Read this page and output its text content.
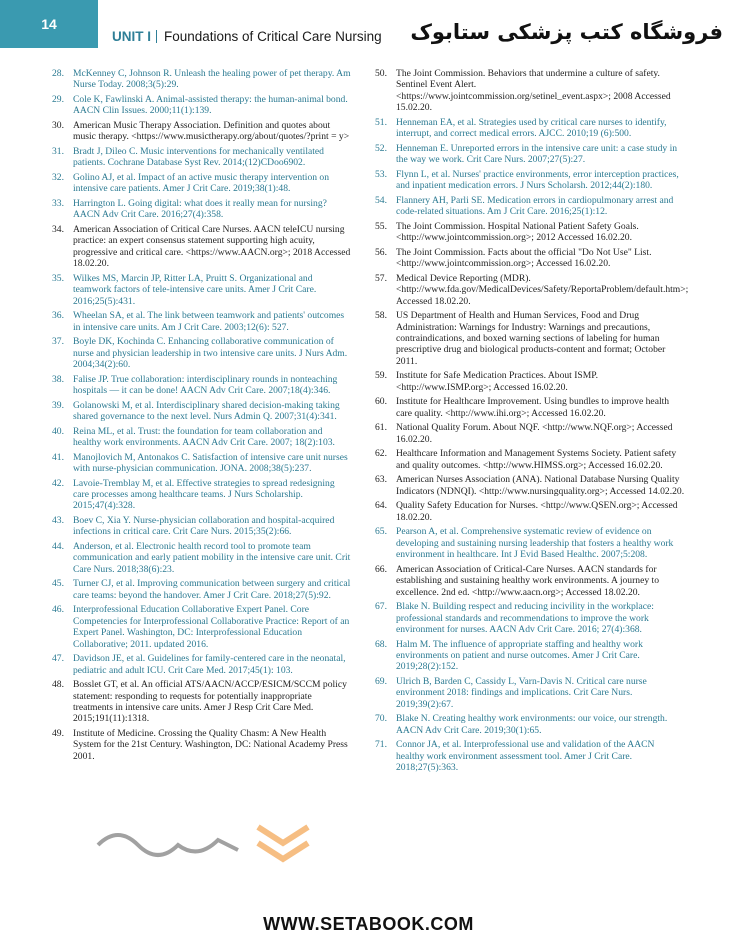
14
UNIT I Foundations of Critical Care Nursing فروشگاه کتب پزشکی ستابوک
28. McKenney C, Johnson R. Unleash the healing power of pet therapy. Am Nurse Today. 2008;3(5):29.
29. Cole K, Fawlinski A. Animal-assisted therapy: the human-animal bond. AACN Clin Issues. 2000;11(1):139.
30. American Music Therapy Association. Definition and quotes about music therapy. <https://www.musictherapy.org/about/quotes/?print = y>
31. Bradt J, Dileo C. Music interventions for mechanically ventilated patients. Cochrane Database Syst Rev. 2014;(12)CDoo6902.
32. Golino AJ, et al. Impact of an active music therapy intervention on intensive care patients. Amer J Crit Care. 2019;38(1):48.
33. Harrington L. Going digital: what does it really mean for nursing? AACN Adv Crit Care. 2016;27(4):358.
34. American Association of Critical Care Nurses. AACN teleICU nursing practice: an expert consensus statement supporting high acuity, progressive and critical care. <https://www.AACN.org>; 2018 Accessed 18.02.20.
35. Wilkes MS, Marcin JP, Ritter LA, Pruitt S. Organizational and teamwork factors of tele-intensive care units. Amer J Crit Care. 2016;25(5):431.
36. Wheelan SA, et al. The link between teamwork and patients' outcomes in intensive care units. Am J Crit Care. 2003;12(6): 527.
37. Boyle DK, Kochinda C. Enhancing collaborative communication of nurse and physician leadership in two intensive care units. J Nurs Adm. 2004;34(2):60.
38. Falise JP. True collaboration: interdisciplinary rounds in nonteaching hospitals — it can be done! AACN Adv Crit Care. 2007;18(4):346.
39. Golanowski M, et al. Interdisciplinary shared decision-making taking shared governance to the next level. Nurs Admin Q. 2007;31(4):341.
40. Reina ML, et al. Trust: the foundation for team collaboration and healthy work environments. AACN Adv Crit Care. 2007; 18(2):103.
41. Manojlovich M, Antonakos C. Satisfaction of intensive care unit nurses with nurse-physician communication. JONA. 2008;38(5):237.
42. Lavoie-Tremblay M, et al. Effective strategies to spread redesigning care processes among healthcare teams. J Nurs Scholarship. 2015;47(4):328.
43. Boev C, Xia Y. Nurse-physician collaboration and hospital-acquired infections in critical care. Crit Care Nurs. 2015;35(2):66.
44. Anderson, et al. Electronic health record tool to promote team communication and early patient mobility in the intensive care unit. Crit Care Nurs. 2018;38(6):23.
45. Turner CJ, et al. Improving communication between surgery and critical care teams: beyond the handover. Amer J Crit Care. 2018;27(5):92.
46. Interprofessional Education Collaborative Expert Panel. Core Competencies for Interprofessional Collaborative Practice: Report of an Expert Panel. Washington, DC: Interprofessional Education Collaborative; 2011. updated 2016.
47. Davidson JE, et al. Guidelines for family-centered care in the neonatal, pediatric and adult ICU. Crit Care Med. 2017;45(1): 103.
48. Bosslet GT, et al. An official ATS/AACN/ACCP/ESICM/SCCM policy statement: responding to requests for potentially inappropriate treatments in intensive care units. Amer J Resp Crit Care Med. 2015;191(11):1318.
49. Institute of Medicine. Crossing the Quality Chasm: A New Health System for the 21st Century. Washington, DC: National Academy Press 2001.
50. The Joint Commission. Behaviors that undermine a culture of safety. Sentinel Event Alert. <https://www.jointcommission.org/setinel_event.aspx>; 2008 Accessed 15.02.20.
51. Henneman EA, et al. Strategies used by critical care nurses to identify, interrupt, and correct medical errors. AJCC. 2010;19 (6):500.
52. Henneman E. Unreported errors in the intensive care unit: a case study in the way we work. Crit Care Nurs. 2007;27(5):27.
53. Flynn L, et al. Nurses' practice environments, error interception practices, and inpatient medication errors. J Nurs Scholarsh. 2012;44(2):180.
54. Flannery AH, Parli SE. Medication errors in cardiopulmonary arrest and code-related situations. Am J Crit Care. 2016;25(1):12.
55. The Joint Commission. Hospital National Patient Safety Goals. <http://www.jointcommission.org>; 2012 Accessed 16.02.20.
56. The Joint Commission. Facts about the official "Do Not Use" List. <http://www.jointcommission.org>; Accessed 16.02.20.
57. Medical Device Reporting (MDR). <http://www.fda.gov/MedicalDevices/Safety/ReportaProblem/default.htm>; Accessed 18.02.20.
58. US Department of Health and Human Services, Food and Drug Administration: Warnings for Industry: Warnings and precautions, contraindications, and boxed warning sections of labeling for human prescriptive drug and biological products-content and format; October 2011.
59. Institute for Safe Medication Practices. About ISMP. <http://www.ISMP.org>; Accessed 16.02.20.
60. Institute for Healthcare Improvement. Using bundles to improve health care quality. <http://www.ihi.org>; Accessed 16.02.20.
61. National Quality Forum. About NQF. <http://www.NQF.org>; Accessed 16.02.20.
62. Healthcare Information and Management Systems Society. Patient safety and quality outcomes. <http://www.HIMSS.org>; Accessed 16.02.20.
63. American Nurses Association (ANA). National Database Nursing Quality Indicators (NDNQI). <http://www.nursingquality.org>; Accessed 14.02.20.
64. Quality Safety Education for Nurses. <http://www.QSEN.org>; Accessed 18.02.20.
65. Pearson A, et al. Comprehensive systematic review of evidence on developing and sustaining nursing leadership that fosters a healthy work environment in healthcare. Int J Evid Based Healthc. 2007;5:208.
66. American Association of Critical-Care Nurses. AACN standards for establishing and sustaining healthy work environments. A journey to excellence. 2nd ed. <http://www.aacn.org>; Accessed 18.02.20.
67. Blake N. Building respect and reducing incivility in the workplace: professional standards and recommendations to improve the work environment for nurses. AACN Adv Crit Care. 2016; 27(4):368.
68. Halm M. The influence of appropriate staffing and healthy work environments on patient and nurse outcomes. Amer J Crit Care. 2019;28(2):152.
69. Ulrich B, Barden C, Cassidy L, Varn-Davis N. Critical care nurse environment 2018: findings and implications. Crit Care Nurs. 2019;39(2):67.
70. Blake N. Creating healthy work environments: our voice, our strength. AACN Adv Crit Care. 2019;30(1):65.
71. Connor JA, et al. Interprofessional use and validation of the AACN healthy work environment assessment tool. Amer J Crit Care. 2018;27(5):363.
WWW.SETABOOK.COM
